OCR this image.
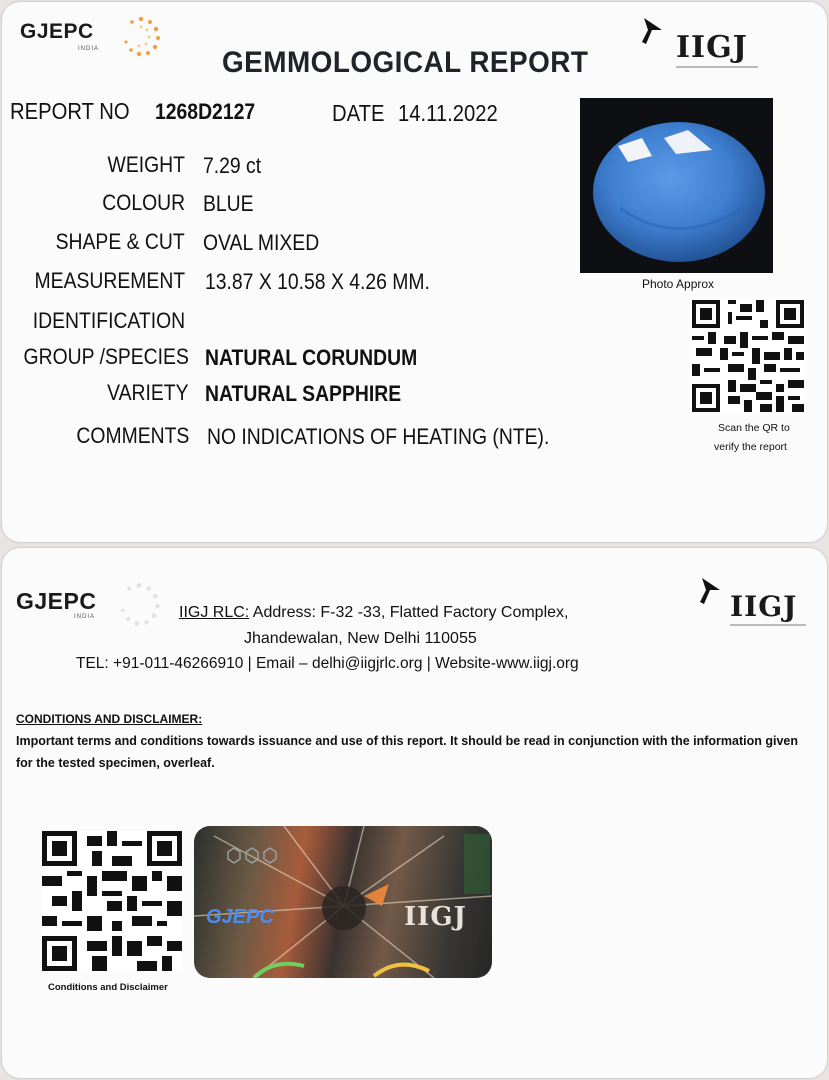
GJEPC
INDIA	IIGJ
GEMMOLOGICAL REPORT
REPORT NO 1268D2127	DATE 14.11.2022
WEIGHT 7.29 ct
COLOUR BLUE
SHAPE & CUT OVAL MIXED
MEASUREMENT 13.87 X 10.58 X 4.26 MM.
IDENTIFICATION
GROUP /SPECIES NATURAL CORUNDUM
VARIETY NATURAL SAPPHIRE
COMMENTS NO INDICATIONS OF HEATING (NTE).
Photo Approx
Scan the QR to
verify the report
GJEPC
INDIA	IIGJ
IIGJ RLC: Address: F-32 -33, Flatted Factory Complex,
Jhandewalan, New Delhi 110055
TEL: +91-011-46266910 | Email – delhi@iigjrlc.org | Website-www.iigj.org
CONDITIONS AND DISCLAIMER:
Important terms and conditions towards issuance and use of this report. It should be read in conjunction with the information given for the tested specimen, overleaf.
Conditions and Disclaimer
GJEPC	IIGJ
